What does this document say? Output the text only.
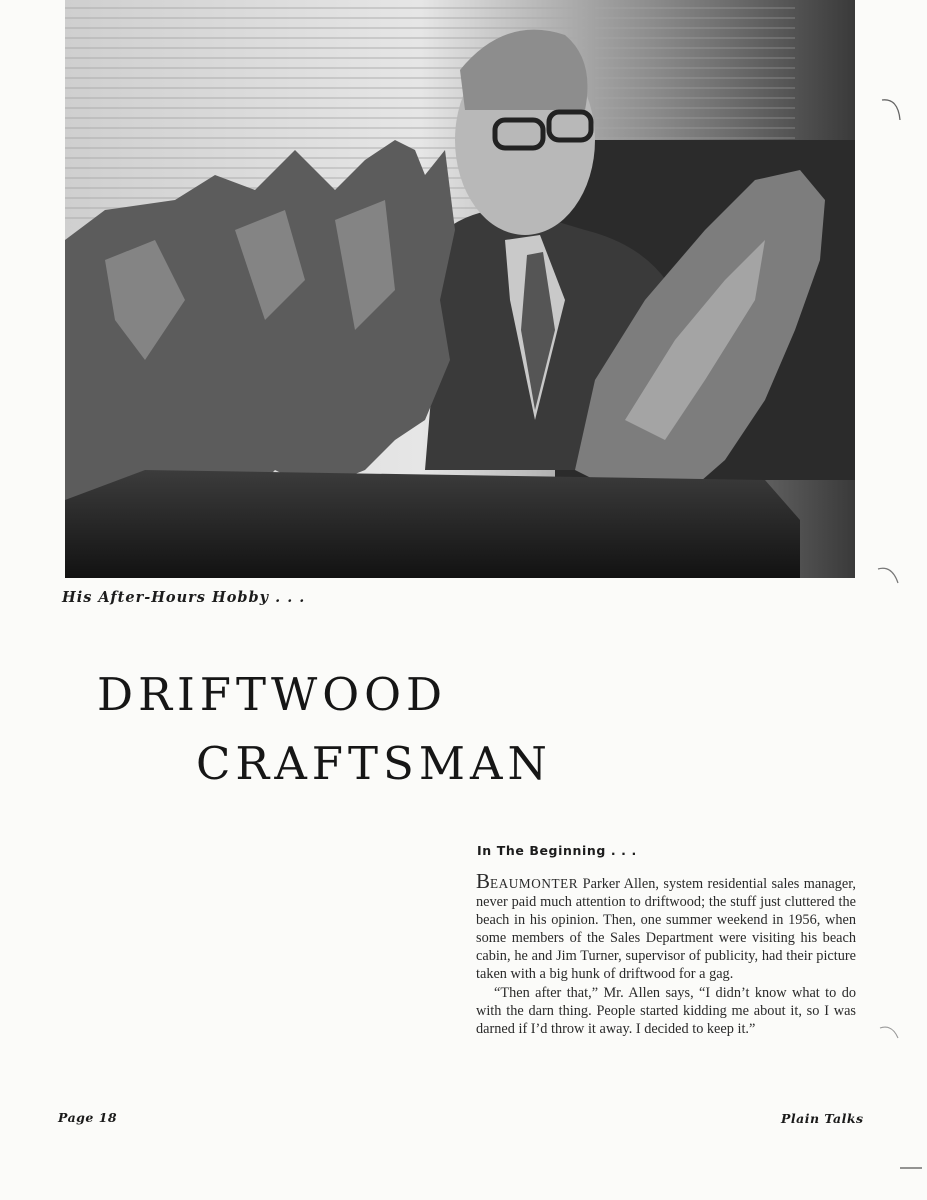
His After-Hours Hobby . . .
DRIFTWOOD
CRAFTSMAN
In The Beginning . . .

BEAUMONTER Parker Allen, system residential sales manager, never paid much attention to driftwood; the stuff just cluttered the beach in his opinion. Then, one summer weekend in 1956, when some members of the Sales Department were visiting his beach cabin, he and Jim Turner, supervisor of publicity, had their picture taken with a big hunk of driftwood for a gag.

“Then after that,” Mr. Allen says, “I didn’t know what to do with the darn thing. People started kidding me about it, so I was darned if I’d throw it away. I decided to keep it.”

Page 18	Plain Talks
